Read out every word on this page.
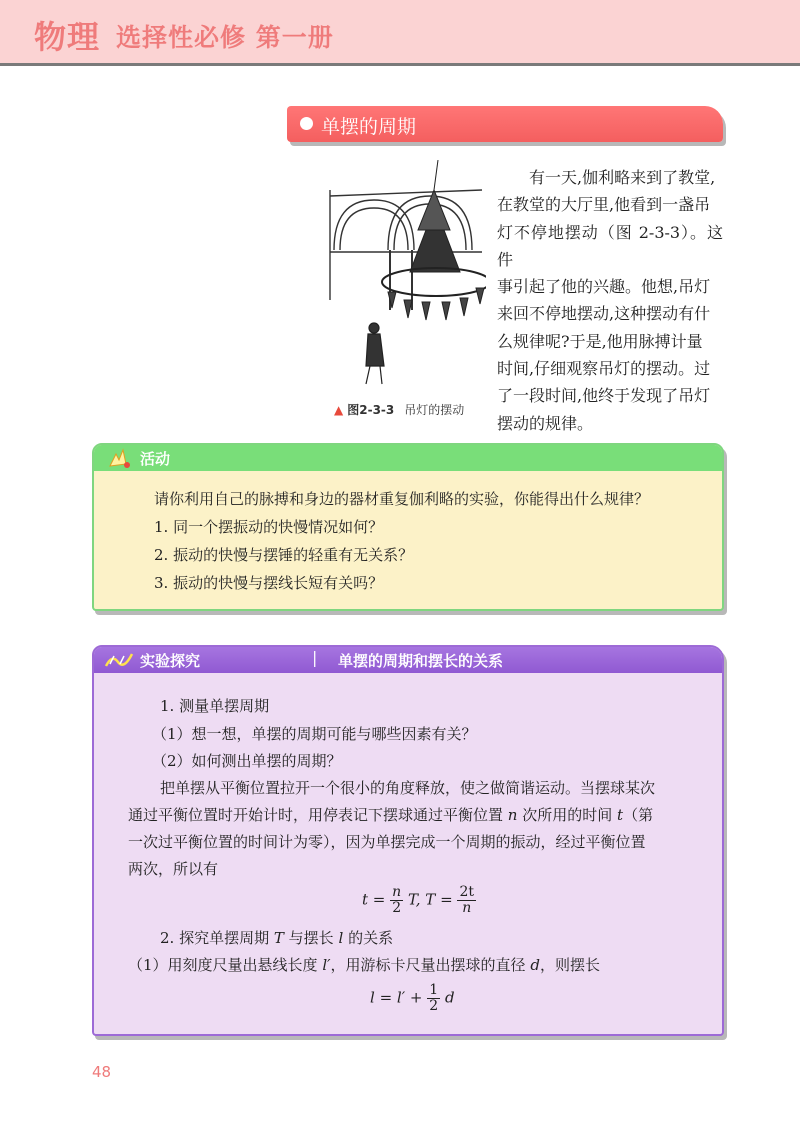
物理 选择性必修 第一册
单摆的周期
▲ 图2-3-3 吊灯的摆动
有一天,伽利略来到了教堂,
在教堂的大厅里,他看到一盏吊
灯不停地摆动（图 2-3-3）。这件
事引起了他的兴趣。他想,吊灯
来回不停地摆动,这种摆动有什
么规律呢?于是,他用脉搏计量
时间,仔细观察吊灯的摆动。过
了一段时间,他终于发现了吊灯
摆动的规律。
活动
请你利用自己的脉搏和身边的器材重复伽利略的实验，你能得出什么规律？
1. 同一个摆振动的快慢情况如何？
2. 振动的快慢与摆锤的轻重有无关系？
3. 振动的快慢与摆线长短有关吗？
实验探究	| 单摆的周期和摆长的关系
1. 测量单摆周期
（1）想一想，单摆的周期可能与哪些因素有关？
（2）如何测出单摆的周期？
把单摆从平衡位置拉开一个很小的角度释放，使之做简谐运动。当摆球某次
通过平衡位置时开始计时，用停表记下摆球通过平衡位置 n 次所用的时间 t（第
一次过平衡位置的时间计为零），因为单摆完成一个周期的振动，经过平衡位置
两次，所以有
$t = \frac{n}{2} T$, $T = \frac{2t}{n}$
2. 探究单摆周期 T 与摆长 l 的关系
（1）用刻度尺量出悬线长度 l′，用游标卡尺量出摆球的直径 d，则摆长
$l = l' + \frac{1}{2}$ d
48
